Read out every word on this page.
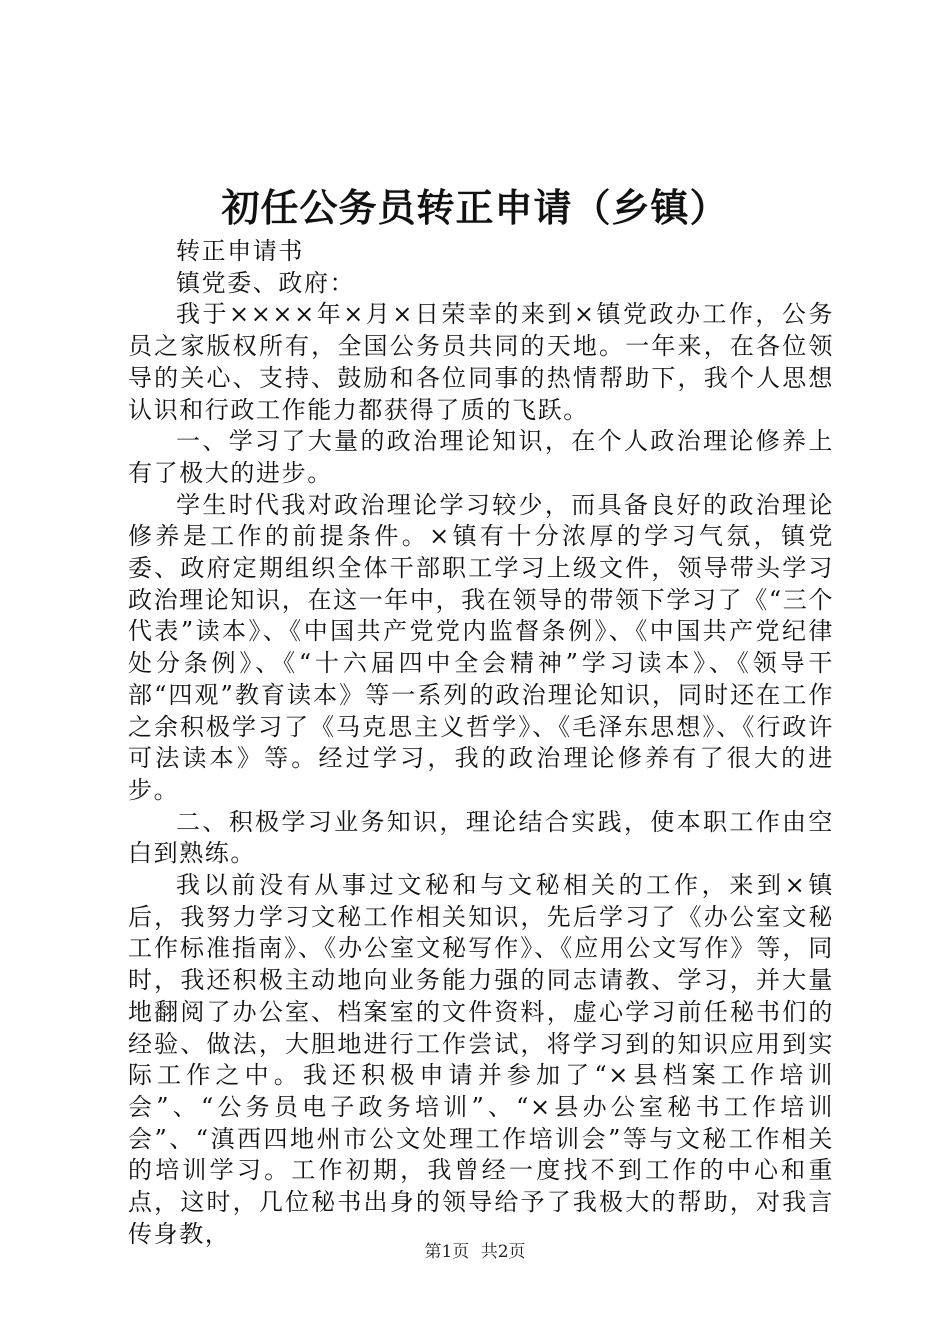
初任公务员转正申请（乡镇）

转正申请书

镇党委、政府：

我于××××年×月×日荣幸的来到×镇党政办工作，公务员之家版权所有，全国公务员共同的天地。一年来，在各位领导的关心、支持、鼓励和各位同事的热情帮助下，我个人思想认识和行政工作能力都获得了质的飞跃。

一、学习了大量的政治理论知识，在个人政治理论修养上有了极大的进步。

学生时代我对政治理论学习较少，而具备良好的政治理论修养是工作的前提条件。×镇有十分浓厚的学习气氛，镇党委、政府定期组织全体干部职工学习上级文件，领导带头学习政治理论知识，在这一年中，我在领导的带领下学习了《“三个代表”读本》、《中国共产党党内监督条例》、《中国共产党纪律处分条例》、《“十六届四中全会精神”学习读本》、《领导干部“四观”教育读本》等一系列的政治理论知识，同时还在工作之余积极学习了《马克思主义哲学》、《毛泽东思想》、《行政许可法读本》等。经过学习，我的政治理论修养有了很大的进步。

二、积极学习业务知识，理论结合实践，使本职工作由空白到熟练。

我以前没有从事过文秘和与文秘相关的工作，来到×镇后，我努力学习文秘工作相关知识，先后学习了《办公室文秘工作标准指南》、《办公室文秘写作》、《应用公文写作》等，同时，我还积极主动地向业务能力强的同志请教、学习，并大量地翻阅了办公室、档案室的文件资料，虚心学习前任秘书们的经验、做法，大胆地进行工作尝试，将学习到的知识应用到实际工作之中。我还积极申请并参加了“×县档案工作培训会”、“公务员电子政务培训”、“×县办公室秘书工作培训会”、“滇西四地州市公文处理工作培训会”等与文秘工作相关的培训学习。工作初期，我曾经一度找不到工作的中心和重点，这时，几位秘书出身的领导给予了我极大的帮助，对我言传身教，

第1页 共2页
